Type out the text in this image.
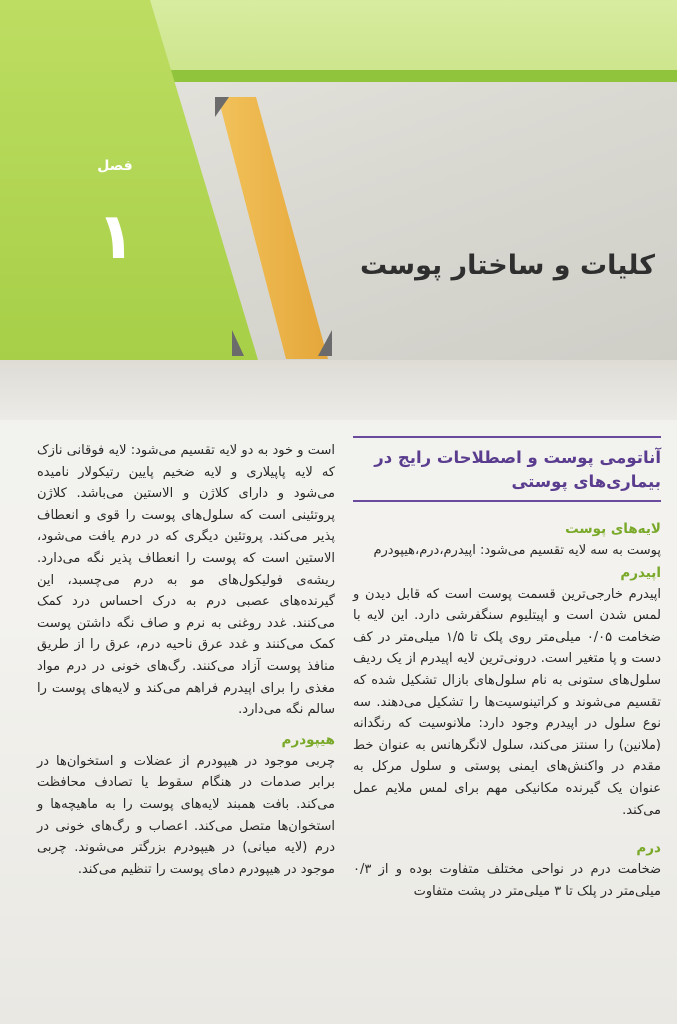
فصل
۱	کلیات و ساختار پوست
آناتومی پوست و اصطلاحات رایج در بیماری‌های پوستی
لایه‌های پوست

پوست به سه لایه تقسیم می‌شود: اپیدرم،درم،هیپودرم

اپیدرم

اپیدرم خارجی‌ترین قسمت پوست است که قابل دیدن و لمس شدن است و اپیتلیوم سنگفرشی دارد. این لایه با ضخامت ۰/۰۵ میلی‌متر روی پلک تا ۱/۵ میلی‌متر در کف دست و پا متغیر است. درونی‌ترین لایه اپیدرم از یک ردیف سلول‌های ستونی به نام سلول‌های بازال تشکیل شده که تقسیم می‌شوند و کراتینوسیت‌ها را تشکیل می‌دهند. سه نوع سلول در اپیدرم وجود دارد: ملانوسیت که رنگدانه (ملانین) را سنتز می‌کند، سلول لانگرهانس به عنوان خط مقدم در واکنش‌های ایمنی پوستی و سلول مرکل به عنوان یک گیرنده مکانیکی مهم برای لمس ملایم عمل می‌کند.

درم

ضخامت درم در نواحی مختلف متفاوت بوده و از ۰/۳ میلی‌متر در پلک تا ۳ میلی‌متر در پشت متفاوت

است و خود به دو لایه تقسیم می‌شود: لایه فوقانی نازک که لایه پاپیلاری و لایه ضخیم پایین رتیکولار نامیده می‌شود و دارای کلاژن و الاستین می‌باشد. کلاژن پروتئینی است که سلول‌های پوست را قوی و انعطاف پذیر می‌کند. پروتئین دیگری که در درم یافت می‌شود، الاستین است که پوست را انعطاف پذیر نگه می‌دارد. ریشه‌ی فولیکول‌های مو به درم می‌چسبد، این گیرنده‌های عصبی درم به درک احساس درد کمک می‌کنند. غدد روغنی به نرم و صاف نگه داشتن پوست کمک می‌کنند و غدد عرق ناحیه درم، عرق را از طریق منافذ پوست آزاد می‌کنند. رگ‌های خونی در درم مواد مغذی را برای اپیدرم فراهم می‌کند و لایه‌های پوست را سالم نگه می‌دارد.

هیپودرم

چربی موجود در هیپودرم از عضلات و استخوان‌ها در برابر صدمات در هنگام سقوط یا تصادف محافظت می‌کند. بافت همبند لایه‌های پوست را به ماهیچه‌ها و استخوان‌ها متصل می‌کند. اعصاب و رگ‌های خونی در درم (لایه میانی) در هیپودرم بزرگتر می‌شوند. چربی موجود در هیپودرم دمای پوست را تنظیم می‌کند.
